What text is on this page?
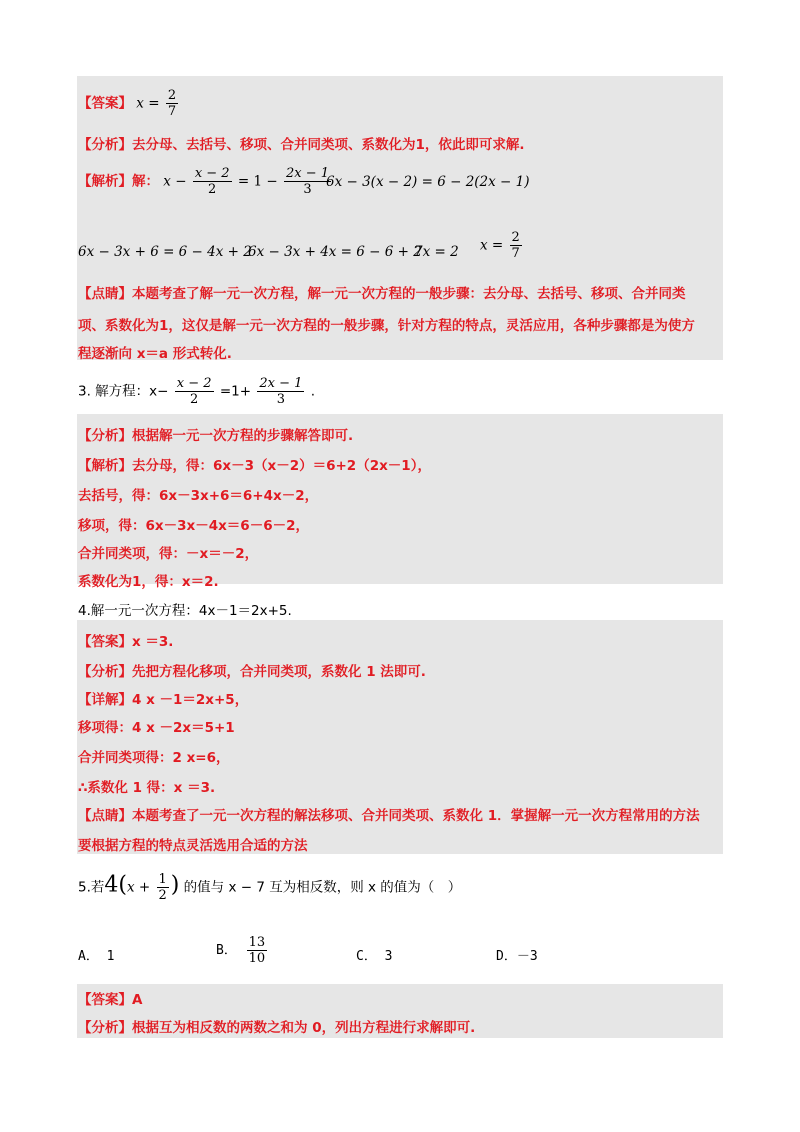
【答案】 $x = \frac{2}{7}$
【分析】去分母、去括号、移项、合并同类项、系数化为1，依此即可求解.
【解析】解： $x - \frac{x - 2}{2} = 1 - \frac{2x - 1}{3}$
6x − 3(x − 2) = 6 − 2(2x − 1)
6x − 3x + 6 = 6 − 4x + 2
6x − 3x + 4x = 6 − 6 + 2
7x = 2 $x = \frac{2}{7}$
【点睛】本题考查了解一元一次方程，解一元一次方程的一般步骤：去分母、去括号、移项、合并同类
项、系数化为1，这仅是解一元一次方程的一般步骤，针对方程的特点，灵活应用，各种步骤都是为使方
程逐渐向 x＝a 形式转化.
3. 解方程：$x- \frac{x - 2}{2} =1+ \frac{2x - 1}{3}$ .
【分析】根据解一元一次方程的步骤解答即可.
【解析】去分母，得：6x－3（x－2）＝6+2（2x－1），
去括号，得：6x－3x+6＝6+4x－2，
移项，得：6x－3x－4x＝6－6－2，
合并同类项，得：－x＝－2，
系数化为1，得：x＝2.
4.解一元一次方程：4x－1＝2x+5.
【答案】x ＝3.
【分析】先把方程化移项，合并同类项，系数化 1 法即可.
【详解】4 x －1＝2x+5，
移项得：4 x －2x＝5+1
合并同类项得：2 x=6，
∴系数化 1 得：x ＝3.
【点睛】本题考查了一元一次方程的解法移项、合并同类项、系数化 1．掌握解一元一次方程常用的方法
要根据方程的特点灵活选用合适的方法
5.若$4(x + \frac{1}{2}$ ) 的值与 x − 7 互为相反数，则 x 的值为（　）
A． 1	B． $\frac{13}{10}$	C． 3	D．－3
【答案】A
【分析】根据互为相反数的两数之和为 0，列出方程进行求解即可.
